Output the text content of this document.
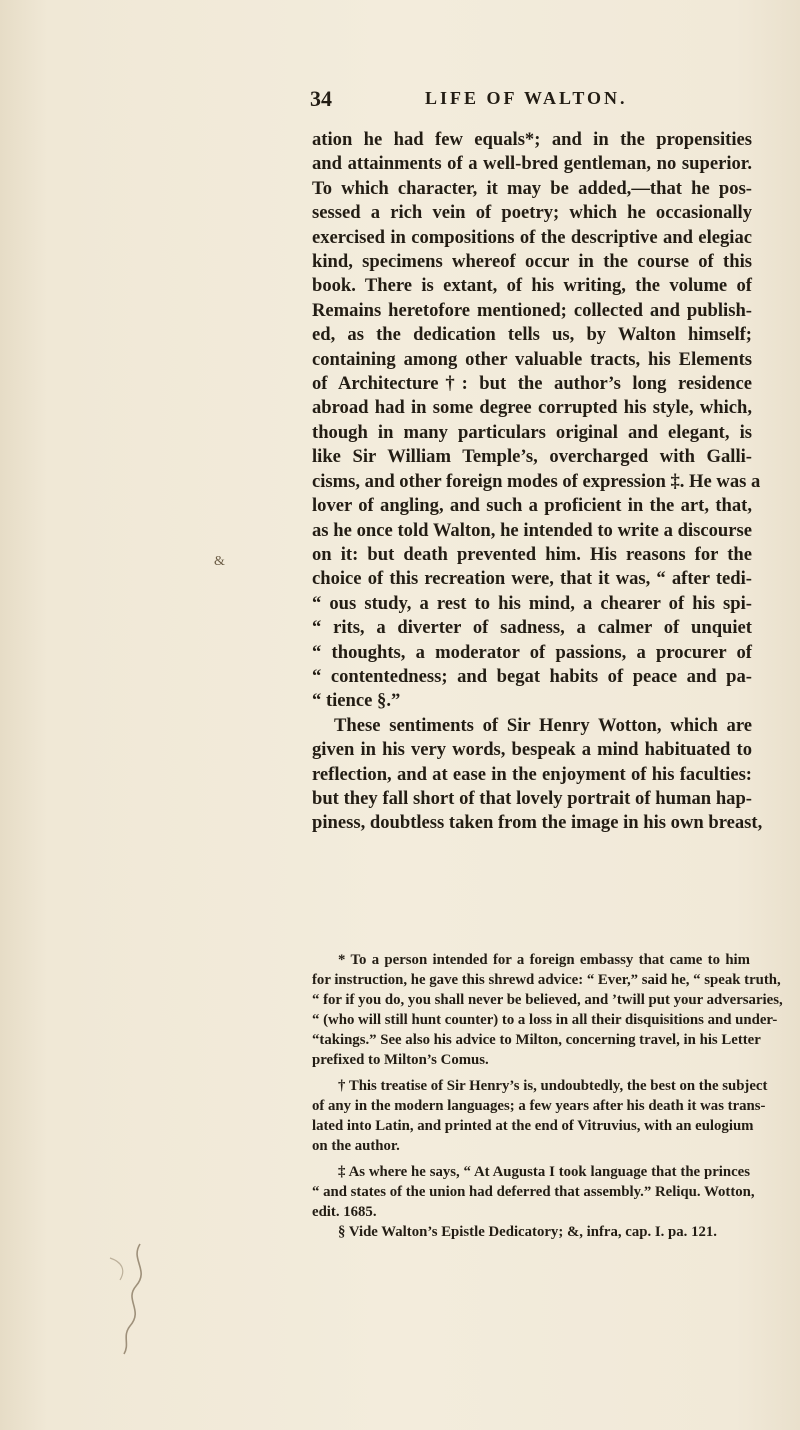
34	LIFE OF WALTON.
ation he had few equals*; and in the propensities
and attainments of a well-bred gentleman, no superior.
To which character, it may be added,—that he pos-
sessed a rich vein of poetry; which he occasionally
exercised in compositions of the descriptive and elegiac
kind, specimens whereof occur in the course of this
book. There is extant, of his writing, the volume of
Remains heretofore mentioned; collected and publish-
ed, as the dedication tells us, by Walton himself;
containing among other valuable tracts, his Elements
of Architecture†: but the author’s long residence
abroad had in some degree corrupted his style, which,
though in many particulars original and elegant, is
like Sir William Temple’s, overcharged with Galli-
cisms, and other foreign modes of expression ‡. He was a
lover of angling, and such a proficient in the art, that,
as he once told Walton, he intended to write a discourse
on it: but death prevented him. His reasons for the
choice of this recreation were, that it was, “ after tedi-
“ ous study, a rest to his mind, a chearer of his spi-
“ rits, a diverter of sadness, a calmer of unquiet
“ thoughts, a moderator of passions, a procurer of
“ contentedness; and begat habits of peace and pa-
“ tience §.”
These sentiments of Sir Henry Wotton, which are
given in his very words, bespeak a mind habituated to
reflection, and at ease in the enjoyment of his faculties:
but they fall short of that lovely portrait of human hap-
piness, doubtless taken from the image in his own breast,
* To a person intended for a foreign embassy that came to him
for instruction, he gave this shrewd advice: “ Ever,” said he, “ speak truth,
“ for if you do, you shall never be believed, and ’twill put your adversaries,
“ (who will still hunt counter) to a loss in all their disquisitions and under-
“takings.” See also his advice to Milton, concerning travel, in his Letter
prefixed to Milton’s Comus.
† This treatise of Sir Henry’s is, undoubtedly, the best on the subject
of any in the modern languages; a few years after his death it was trans-
lated into Latin, and printed at the end of Vitruvius, with an eulogium
on the author.
‡ As where he says, “ At Augusta I took language that the princes
“ and states of the union had deferred that assembly.” Reliqu. Wotton,
edit. 1685.
§ Vide Walton’s Epistle Dedicatory; &, infra, cap. I. pa. 121.
&
